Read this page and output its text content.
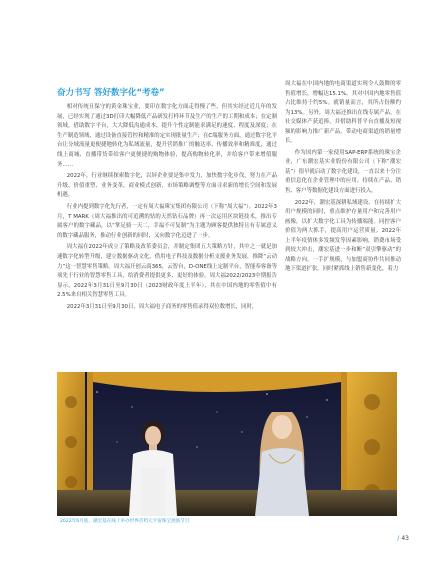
奋力书写 答好数字化“考卷”

相对传统且保守的黄金珠宝业，要印在数字化方面走得慢了些，但其实经过近几年的发展，已经实现了通过3D打印大幅降低产品研发打样环节及生产的生产的工期和成本；在定制领域，借助数字平台，大大降低沟通成本，提升个性定制能求满足的速度、程度及深度；在生产制造领域，通过设备直接管控和精准的定实现批量生产；在C端服务方面，通过数字化平台让分域流量更便捷地转化为私域流量，提升营销推广的触达率、传播效率和精准度，通过线上商城、直播带货带给客户更便捷的购物体验，提高购物转化率，并给客户带来增值服务……

2022年，行业继续探索数字化，以屏企业要是集中发力，加快数字化步伐，努力在产品升级、价值重塑、业务变革，商业模式创新，市场策略调整等方面寻求新的增长空间和发展机遇。

行业内提到数字化先行者，一定有周大福珠宝集团有限公司（下称“周大福”）。2022年3月，T MARK（周大福推出的可追溯的钻的天然钻石品牌）再一次运用区块链技术，推出专属客户的数字藏品，以“掌足骑一天二，幸福不可复制”为主题为顾客提供独特且有专属意义的数字藏品服务，推动行业创新的同时，又向数字化迈进了一步。

周大福在2022年成立了策略及改革委员会，并制定集团五大策略方针，其中之一就是加速数字化转型升级，建立数据驱动文化，借用电子科技及数据分析支援业务发展，推降“云动力”这一智慧零售策略。周大福开创云商365，云智台，D-ONE线上定制平台，智能奉客备等项先于行业的智慧零售工具，给消费者提供更多、更好的体验。周大福2022/2023中期报告显示，2022年3月31日至9月30日（2023财政年度上半年），其在中国内地的零售值中有2.5%来自相关智慧零售工具。

2022年3月31日至9月30日，周大福电子商务的零售值录得双位数增长，同时，

周大福在中国内地的电商渠道实现令人鼓舞的零售值增长，增幅达15.1%，其对中国内地零售值占比维持于约5%。就销量而言，其所占份额约为13%。另外，周大福还推出在线专属产品，在社交媒体产获追捧，并借助科普平台直播及短视频的影响力推广新产品，带动电商渠道的销量增长。

作为国内第一家使用SAP-ERP系统的珠宝企业，广东潮宏基实业股份有限公司（下称“潮宏基”）很早就启动了数字化建设，一直以来十分注重信息化在企业管理中的应用，持续在产品、销售、客户等数据化建设方面进行投入。

2022年，潮宏基深耕私域建设、在持续扩大用户规模的同时，重点维护存量用户和完善用户画像，以扩大数字化工具为传播端能。同控客户价值为两大抓手，提高用户运营质量。2022年上半年疫情体多发频发等因素影响，销费市场受到较大冲击，潮宏基进一步和断“双引擎驱动”的战略方向，一手扩规模，与加盟商协作共同推动地下渠道扩张。同时紧抓线上销售新变化，着力

2022年6月底，潮宏基在线上举办世界首档元宇宙珠宝展演节目
/ 43
